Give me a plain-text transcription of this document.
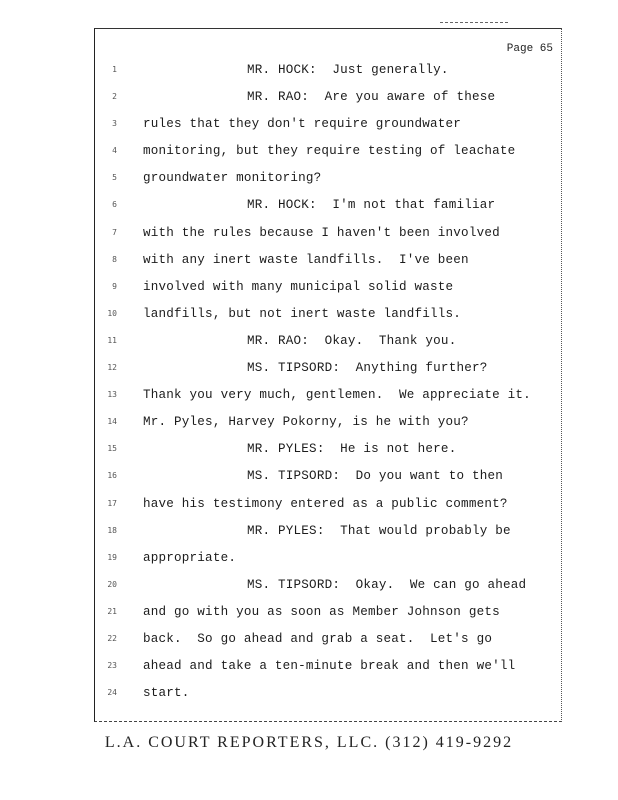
Page 65
1	MR. HOCK:  Just generally.
2	MR. RAO:  Are you aware of these
3 rules that they don't require groundwater
4 monitoring, but they require testing of leachate
5 groundwater monitoring?
6	MR. HOCK:  I'm not that familiar
7 with the rules because I haven't been involved
8 with any inert waste landfills.  I've been
9 involved with many municipal solid waste
10 landfills, but not inert waste landfills.
11	MR. RAO:  Okay.  Thank you.
12	MS. TIPSORD:  Anything further?
13 Thank you very much, gentlemen.  We appreciate it.
14 Mr. Pyles, Harvey Pokorny, is he with you?
15	MR. PYLES:  He is not here.
16	MS. TIPSORD:  Do you want to then
17 have his testimony entered as a public comment?
18	MR. PYLES:  That would probably be
19 appropriate.
20	MS. TIPSORD:  Okay.  We can go ahead
21 and go with you as soon as Member Johnson gets
22 back.  So go ahead and grab a seat.  Let's go
23 ahead and take a ten-minute break and then we'll
24 start.
L.A. COURT REPORTERS, LLC. (312) 419-9292
